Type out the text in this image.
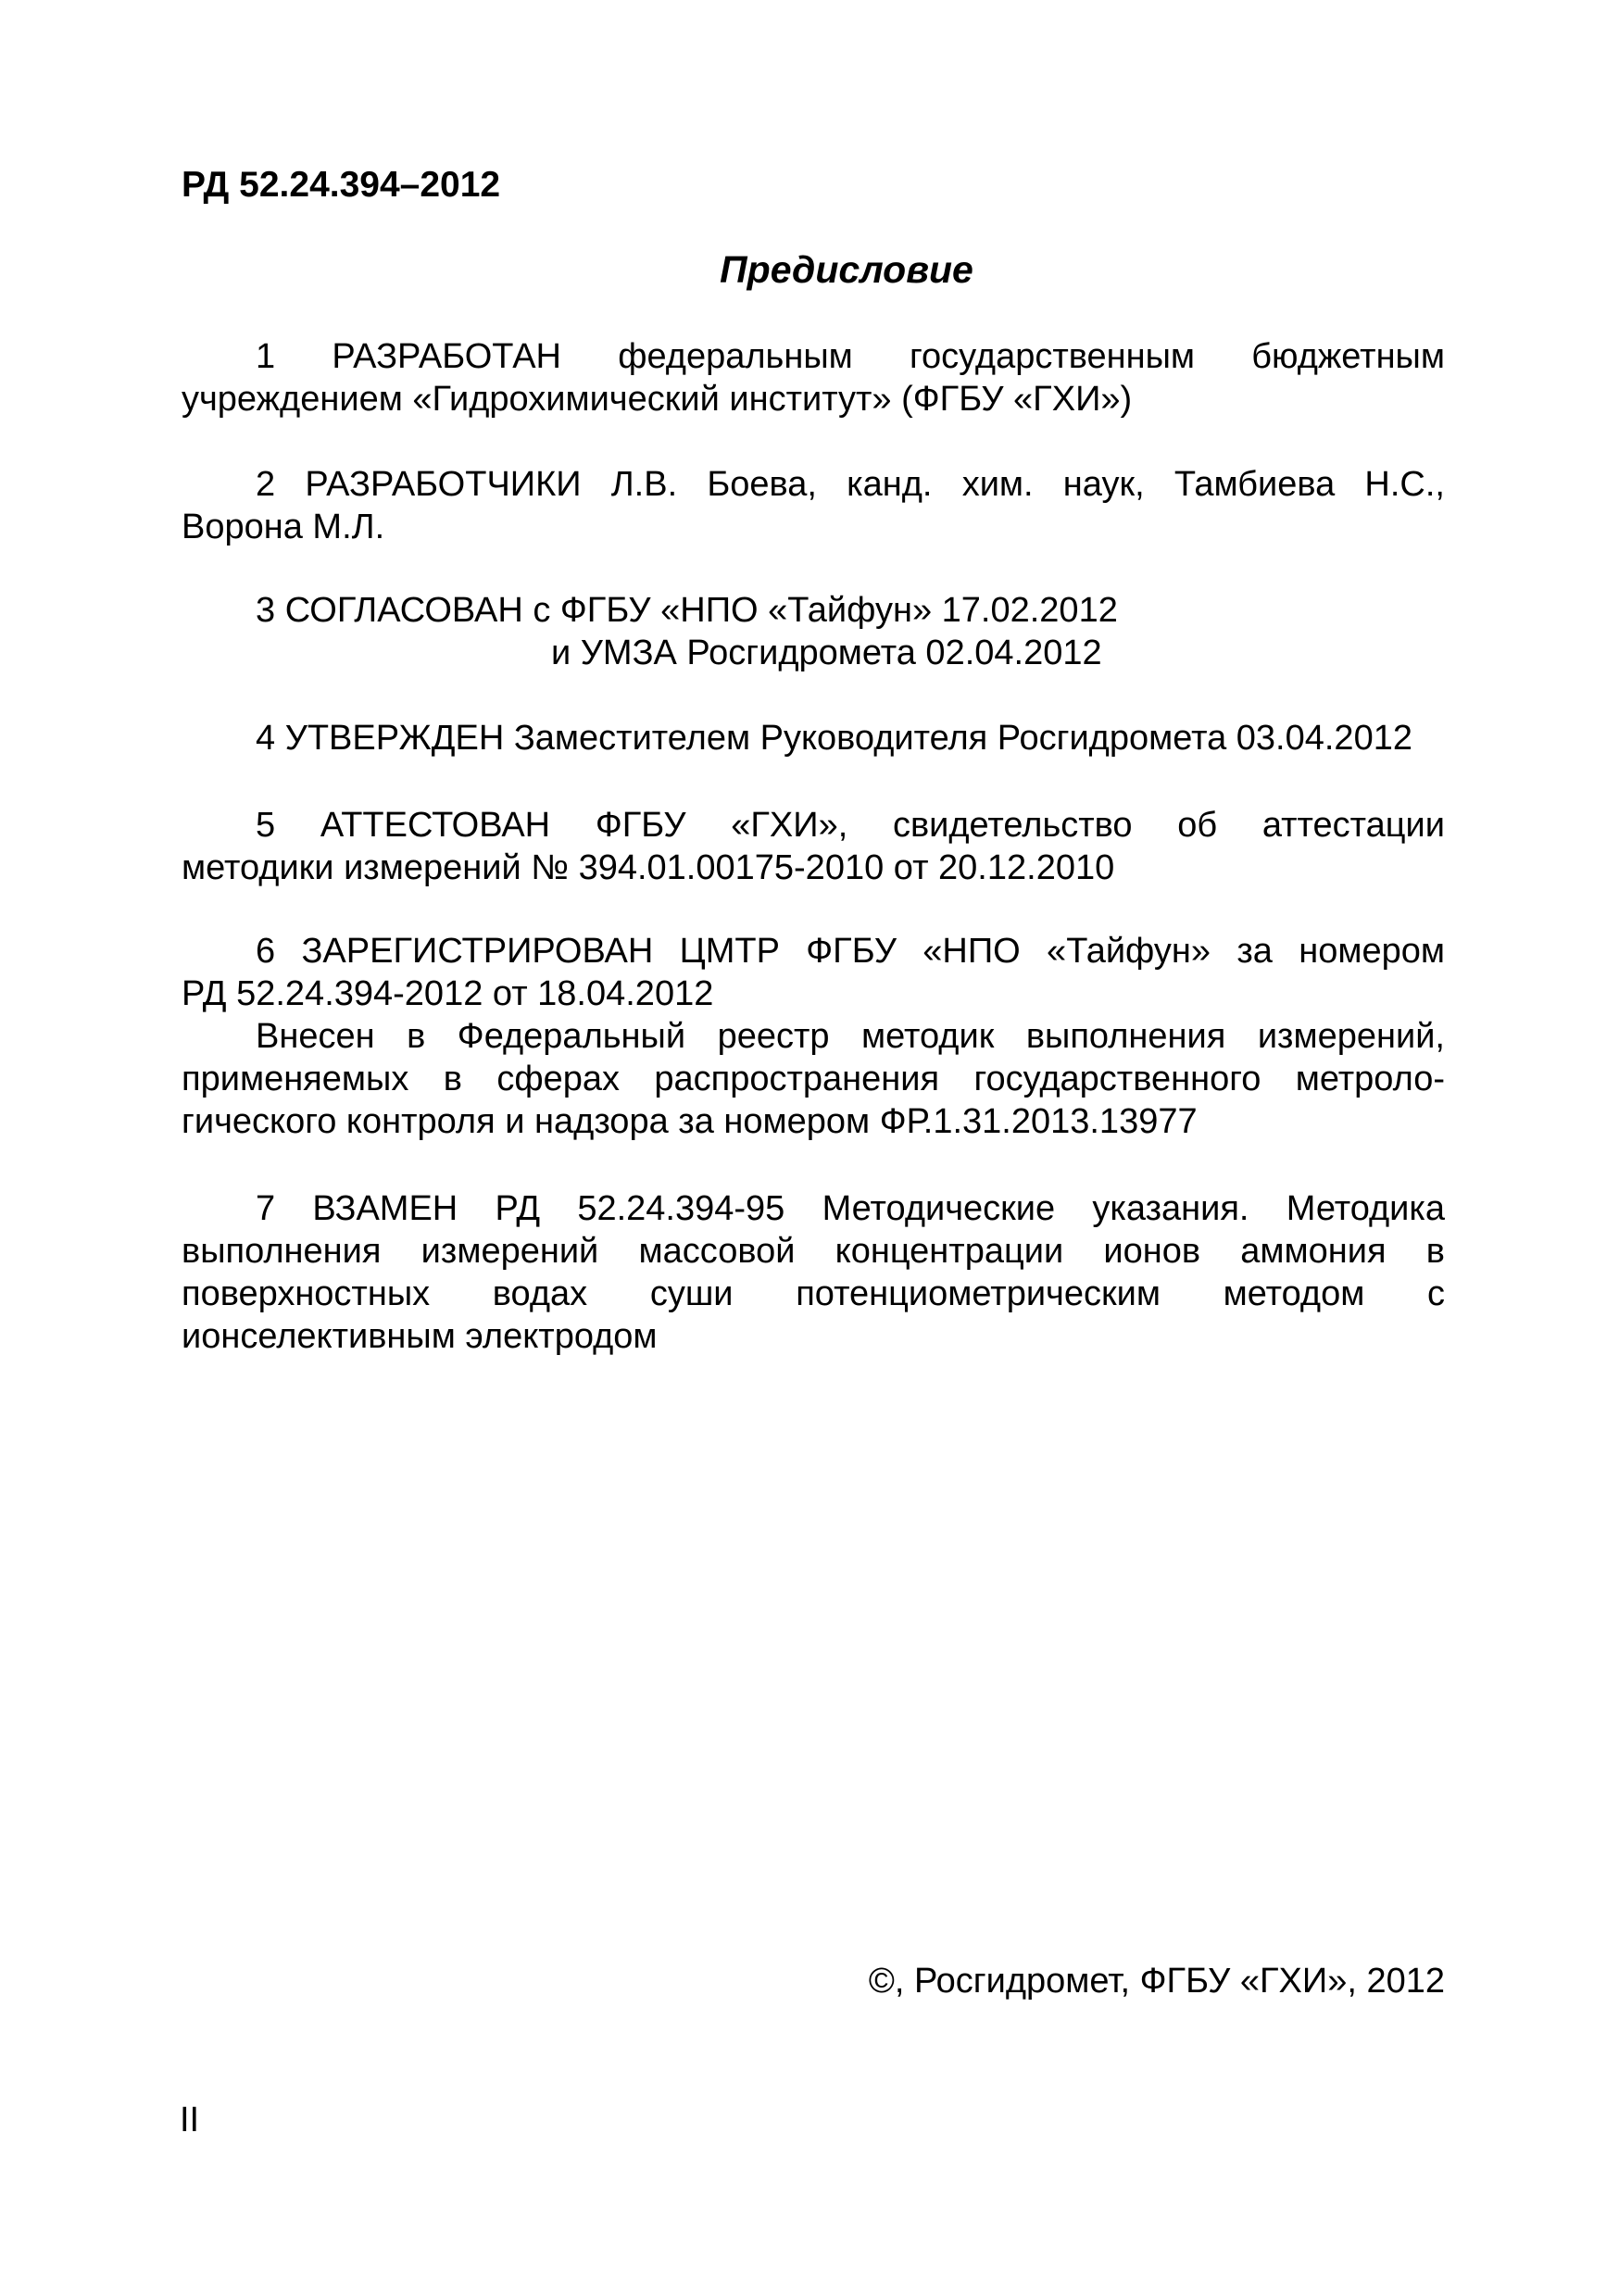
РД 52.24.394–2012
Предисловие
1 РАЗРАБОТАН федеральным государственным бюджетным
учреждением «Гидрохимический институт» (ФГБУ «ГХИ»)
2 РАЗРАБОТЧИКИ Л.В. Боева, канд. хим. наук, Тамбиева Н.С.,
Ворона М.Л.
3 СОГЛАСОВАН с ФГБУ «НПО «Тайфун» 17.02.2012
и УМЗА Росгидромета 02.04.2012
4 УТВЕРЖДЕН Заместителем Руководителя Росгидромета 03.04.2012
5 АТТЕСТОВАН ФГБУ «ГХИ», свидетельство об аттестации
методики измерений № 394.01.00175-2010 от 20.12.2010
6 ЗАРЕГИСТРИРОВАН ЦМТР ФГБУ «НПО «Тайфун» за номером
РД 52.24.394-2012 от 18.04.2012
Внесен в Федеральный реестр методик выполнения измерений,
применяемых в сферах распространения государственного метроло-
гического контроля и надзора за номером ФР.1.31.2013.13977
7 ВЗАМЕН РД 52.24.394-95 Методические указания. Методика
выполнения измерений массовой концентрации ионов аммония в
поверхностных водах суши потенциометрическим методом с
ионселективным электродом
©, Росгидромет, ФГБУ «ГХИ», 2012
II
